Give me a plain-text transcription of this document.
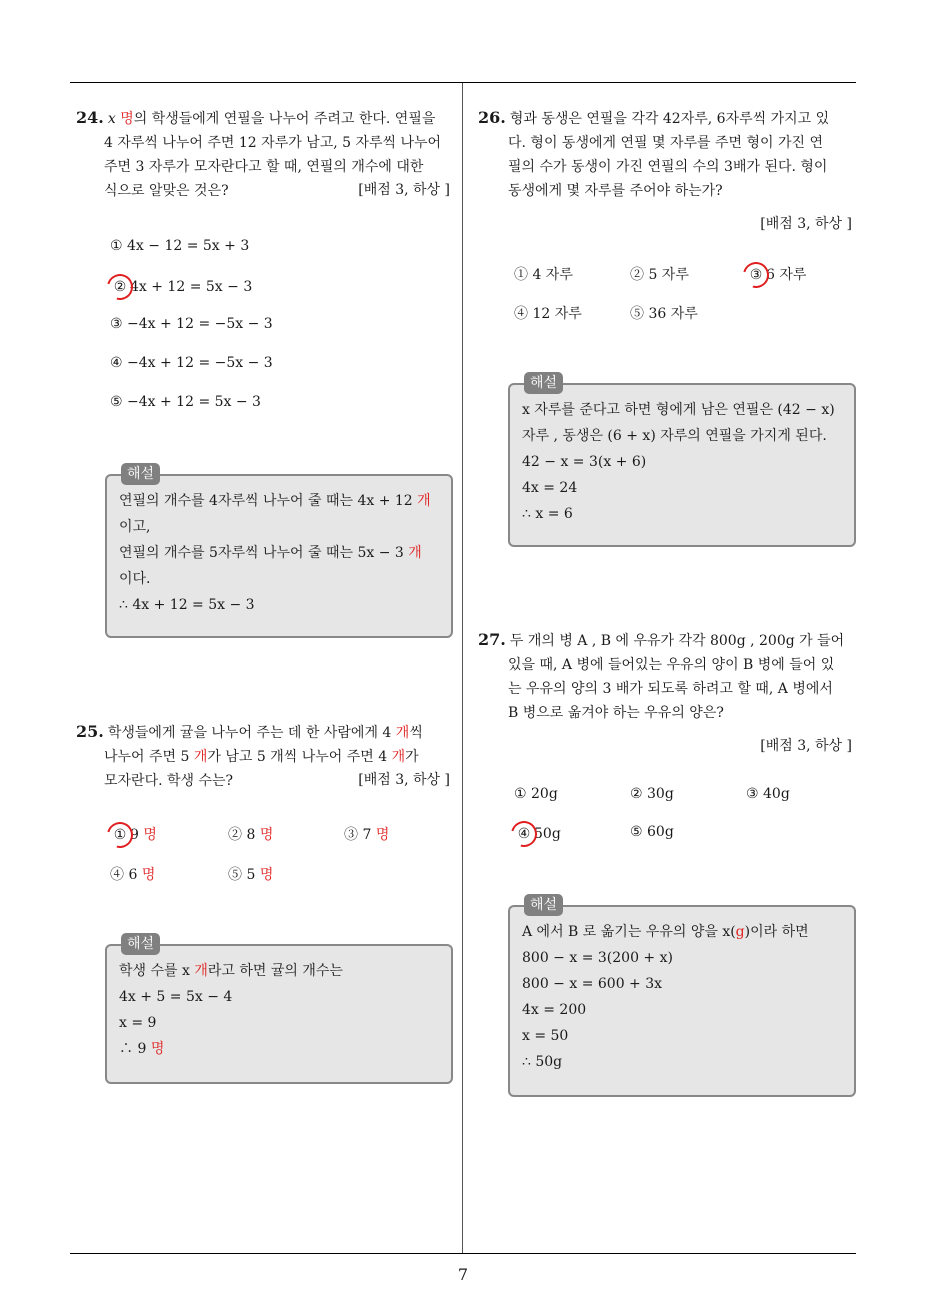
24. x 명의 학생들에게 연필을 나누어 주려고 한다. 연필을
4 자루씩 나누어 주면 12 자루가 남고, 5 자루씩 나누어
주면 3 자루가 모자란다고 할 때, 연필의 개수에 대한
식으로 알맞은 것은?	[배점 3, 하상 ]
① 4x − 12 = 5x + 3
② 4x + 12 = 5x − 3
③ −4x + 12 = −5x − 3
④ −4x + 12 = −5x − 3
⑤ −4x + 12 = 5x − 3
해설
연필의 개수를 4자루씩 나누어 줄 때는 4x + 12 개
이고,
연필의 개수를 5자루씩 나누어 줄 때는 5x − 3 개
이다.
∴ 4x + 12 = 5x − 3
25. 학생들에게 귤을 나누어 주는 데 한 사람에게 4 개씩
나누어 주면 5 개가 남고 5 개씩 나누어 주면 4 개가
모자란다. 학생 수는?	[배점 3, 하상 ]
① 9 명	② 8 명	③ 7 명
④ 6 명	⑤ 5 명
해설
학생 수를 x 개라고 하면 귤의 개수는
4x + 5 = 5x − 4
x = 9
∴ 9 명
26. 형과 동생은 연필을 각각 42자루, 6자루씩 가지고 있
다. 형이 동생에게 연필 몇 자루를 주면 형이 가진 연
필의 수가 동생이 가진 연필의 수의 3배가 된다. 형이
동생에게 몇 자루를 주어야 하는가?
[배점 3, 하상 ]
① 4 자루	② 5 자루	③ 6 자루
④ 12 자루	⑤ 36 자루
해설
x 자루를 준다고 하면 형에게 남은 연필은 (42 − x)
자루 , 동생은 (6 + x) 자루의 연필을 가지게 된다.
42 − x = 3(x + 6)
4x = 24
∴ x = 6
27. 두 개의 병 A , B 에 우유가 각각 800g , 200g 가 들어
있을 때, A 병에 들어있는 우유의 양이 B 병에 들어 있
는 우유의 양의 3 배가 되도록 하려고 할 때, A 병에서
B 병으로 옮겨야 하는 우유의 양은?
[배점 3, 하상 ]
① 20g	② 30g	③ 40g
④ 50g	⑤ 60g
해설
A 에서 B 로 옮기는 우유의 양을 x(g)이라 하면
800 − x = 3(200 + x)
800 − x = 600 + 3x
4x = 200
x = 50
∴ 50g
7
